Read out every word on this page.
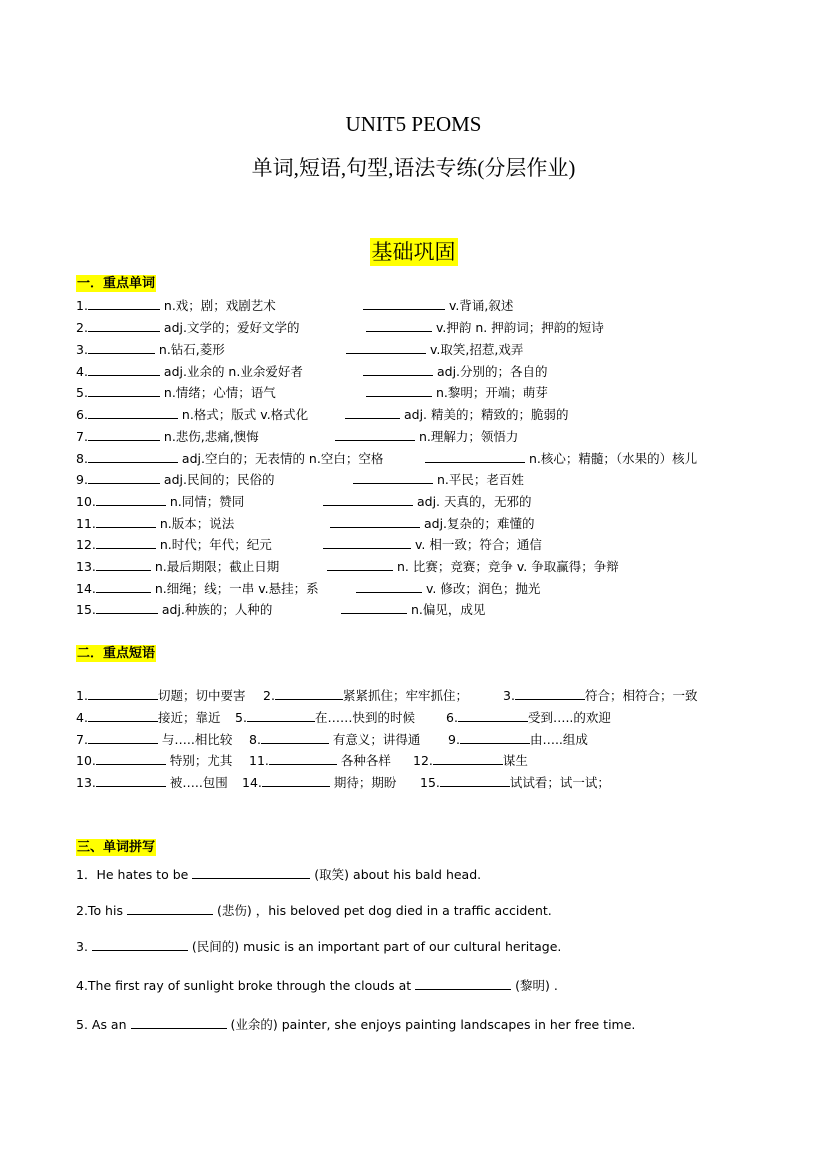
UNIT5 PEOMS
单词,短语,句型,语法专练(分层作业)
基础巩固
一．重点单词
1.	n.戏；剧；戏剧艺术	v.背诵,叙述
2.	adj.文学的；爱好文学的	v.押韵 n. 押韵词；押韵的短诗
3.	n.钻石,菱形	v.取笑,招惹,戏弄
4.	adj.业余的 n.业余爱好者	adj.分别的；各自的
5.	n.情绪；心情；语气	n.黎明；开端；萌芽
6.	n.格式；版式 v.格式化	adj. 精美的；精致的；脆弱的
7.	n.悲伤,悲痛,懊悔	n.理解力；领悟力
8.	adj.空白的；无表情的 n.空白；空格	n.核心；精髓；（水果的）核儿
9.	adj.民间的；民俗的	n.平民；老百姓
10.	n.同情；赞同	adj. 天真的，无邪的
11.	n.版本；说法	adj.复杂的；难懂的
12.	n.时代；年代；纪元	v. 相一致；符合；通信
13.	n.最后期限；截止日期	n. 比赛；竞赛；竞争 v. 争取赢得；争辩
14.	n.细绳；线；一串 v.悬挂；系	v. 修改；润色；抛光
15.	adj.种族的；人种的	n.偏见，成见
二．重点短语
1.	切题；切中要害 2.	紧紧抓住；牢牢抓住；	3.	符合；相符合；一致
4.	接近；靠近 5.	在……快到的时候 6.	受到…..的欢迎
7.	与…..相比较 8.	有意义；讲得通 9.	由…..组成
10.	特别；尤其 11.	各种各样 12.	谋生
13.	被…..包围 14.	期待；期盼 15.	试试看；试一试；
三、单词拼写
1．He hates to be	(取笑) about his bald head.
2.To his	(悲伤) ，his beloved pet dog died in a traffic accident.
3.	(民间的) music is an important part of our cultural heritage.
4.The first ray of sunlight broke through the clouds at	(黎明) .
5. As an	(业余的) painter, she enjoys painting landscapes in her free time.
